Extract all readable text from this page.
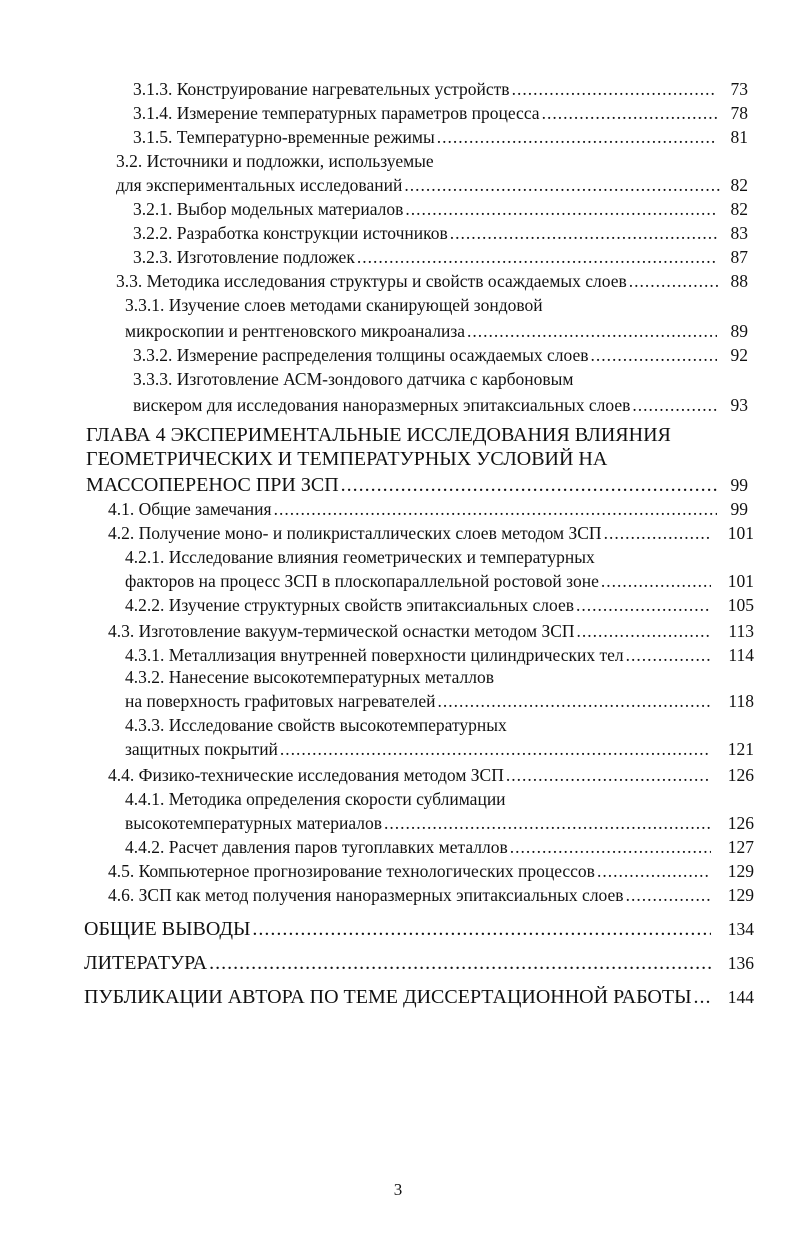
3.1.3. Конструирование нагревательных устройств .....	73
3.1.4. Измерение температурных параметров процесса .....	78
3.1.5. Температурно-временные режимы .....	81
3.2. Источники и подложки, используемые
для экспериментальных исследований .....	82
3.2.1. Выбор модельных материалов .....	82
3.2.2. Разработка конструкции источников .....	83
3.2.3. Изготовление подложек .....	87
3.3. Методика исследования структуры и свойств осаждаемых слоев .....	88
3.3.1. Изучение слоев методами сканирующей зондовой
микроскопии и рентгеновского микроанализа .....	89
3.3.2. Измерение распределения толщины осаждаемых слоев .....	92
3.3.3. Изготовление АСМ-зондового датчика с карбоновым
вискером для исследования наноразмерных эпитаксиальных слоев .....	93
ГЛАВА 4 ЭКСПЕРИМЕНТАЛЬНЫЕ ИССЛЕДОВАНИЯ ВЛИЯНИЯ
ГЕОМЕТРИЧЕСКИХ И ТЕМПЕРАТУРНЫХ УСЛОВИЙ НА
МАССОПЕРЕНОС ПРИ ЗСП .....	99
4.1. Общие замечания .....	99
4.2. Получение моно- и поликристаллических слоев методом ЗСП .....	101
4.2.1. Исследование влияния геометрических и температурных
факторов на процесс ЗСП в плоскопараллельной ростовой зоне .....	101
4.2.2. Изучение структурных свойств эпитаксиальных слоев .....	105
4.3. Изготовление вакуум-термической оснастки методом ЗСП .....	113
4.3.1. Металлизация внутренней поверхности цилиндрических тел .....	114
4.3.2. Нанесение высокотемпературных металлов
на поверхность графитовых нагревателей .....	118
4.3.3. Исследование свойств высокотемпературных
защитных покрытий .....	121
4.4. Физико-технические исследования методом ЗСП .....	126
4.4.1. Методика определения скорости сублимации
высокотемпературных материалов .....	126
4.4.2. Расчет давления паров тугоплавких металлов .....	127
4.5. Компьютерное прогнозирование технологических процессов .....	129
4.6. ЗСП как метод получения наноразмерных эпитаксиальных слоев .....	129
ОБЩИЕ ВЫВОДЫ .....	134
ЛИТЕРАТУРА .....	136
ПУБЛИКАЦИИ АВТОРА ПО ТЕМЕ ДИССЕРТАЦИОННОЙ РАБОТЫ .....	144
3
